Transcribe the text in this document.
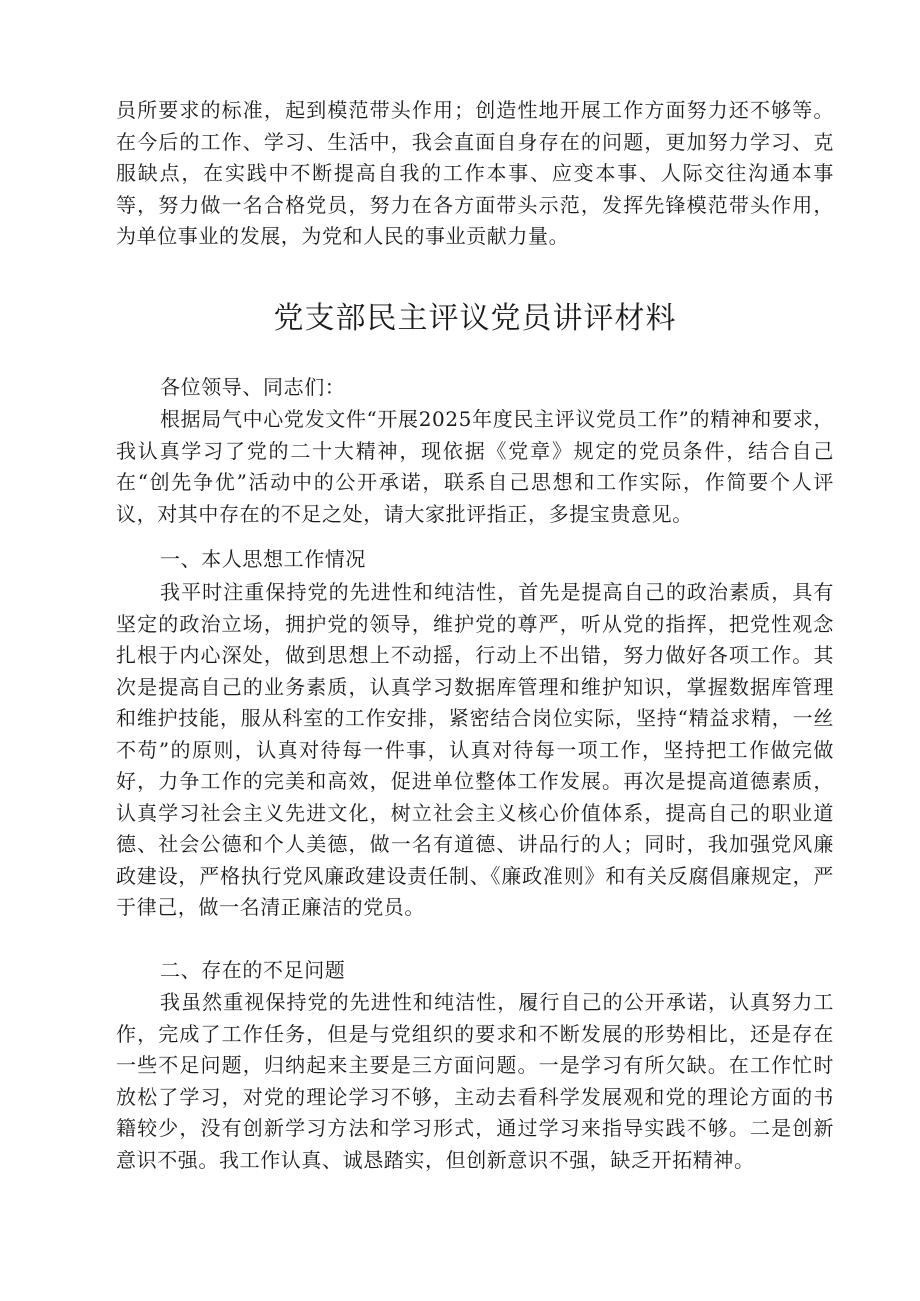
员所要求的标准，起到模范带头作用；创造性地开展工作方面努力还不够等。在今后的工作、学习、生活中，我会直面自身存在的问题，更加努力学习、克服缺点，在实践中不断提高自我的工作本事、应变本事、人际交往沟通本事等，努力做一名合格党员，努力在各方面带头示范，发挥先锋模范带头作用，为单位事业的发展，为党和人民的事业贡献力量。

党支部民主评议党员讲评材料

各位领导、同志们：

根据局气中心党发文件“开展2025年度民主评议党员工作”的精神和要求，我认真学习了党的二十大精神，现依据《党章》规定的党员条件，结合自己在“创先争优”活动中的公开承诺，联系自己思想和工作实际，作简要个人评议，对其中存在的不足之处，请大家批评指正，多提宝贵意见。

一、本人思想工作情况

我平时注重保持党的先进性和纯洁性，首先是提高自己的政治素质，具有坚定的政治立场，拥护党的领导，维护党的尊严，听从党的指挥，把党性观念扎根于内心深处，做到思想上不动摇，行动上不出错，努力做好各项工作。其次是提高自己的业务素质，认真学习数据库管理和维护知识，掌握数据库管理和维护技能，服从科室的工作安排，紧密结合岗位实际，坚持“精益求精，一丝不苟”的原则，认真对待每一件事，认真对待每一项工作，坚持把工作做完做好，力争工作的完美和高效，促进单位整体工作发展。再次是提高道德素质，认真学习社会主义先进文化，树立社会主义核心价值体系，提高自己的职业道德、社会公德和个人美德，做一名有道德、讲品行的人；同时，我加强党风廉政建设，严格执行党风廉政建设责任制、《廉政准则》和有关反腐倡廉规定，严于律己，做一名清正廉洁的党员。

二、存在的不足问题

我虽然重视保持党的先进性和纯洁性，履行自己的公开承诺，认真努力工作，完成了工作任务，但是与党组织的要求和不断发展的形势相比，还是存在一些不足问题，归纳起来主要是三方面问题。一是学习有所欠缺。在工作忙时放松了学习，对党的理论学习不够，主动去看科学发展观和党的理论方面的书籍较少，没有创新学习方法和学习形式，通过学习来指导实践不够。二是创新意识不强。我工作认真、诚恳踏实，但创新意识不强，缺乏开拓精神。
